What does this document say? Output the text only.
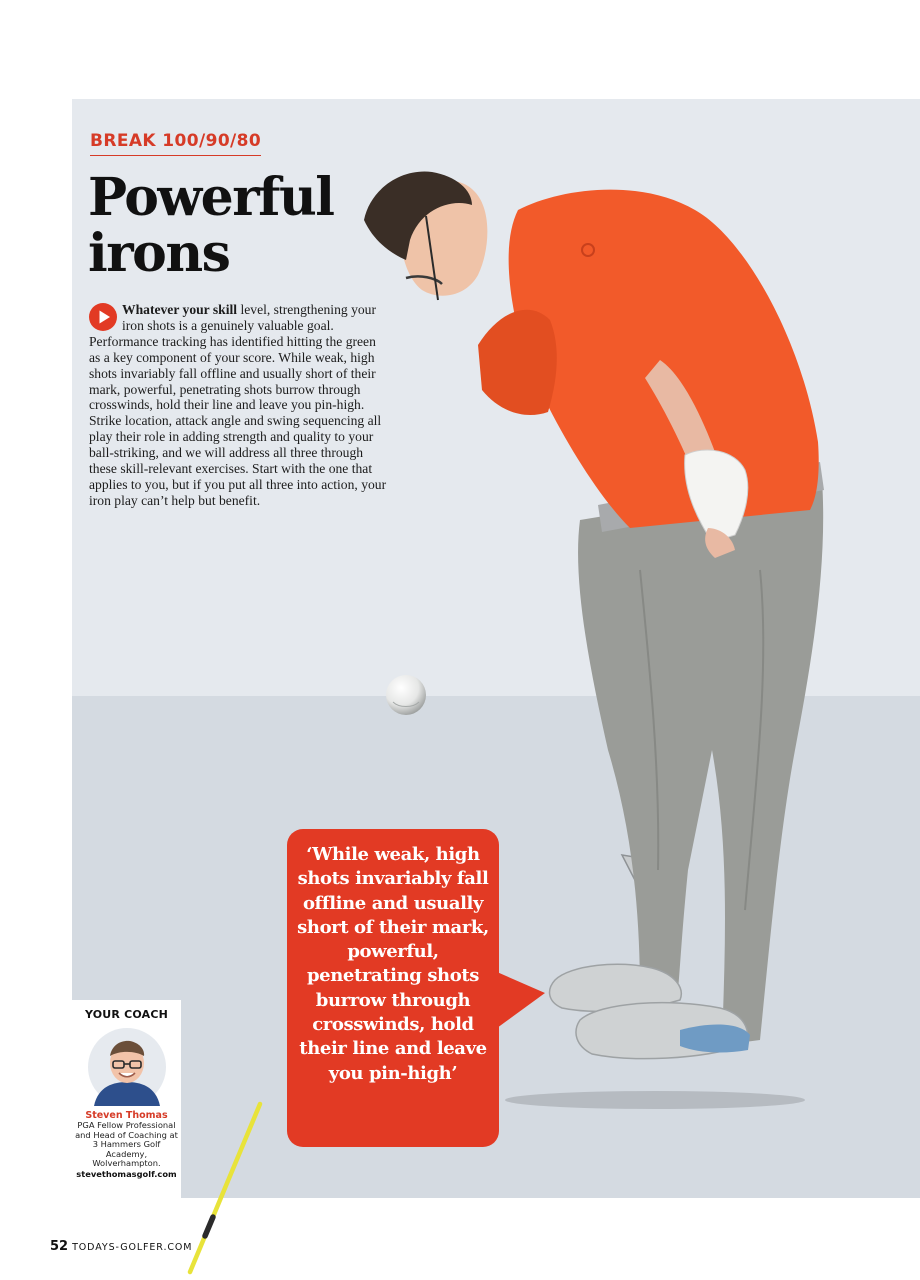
BREAK 100/90/80
Powerful
irons
Whatever your skill level, strengthening your iron shots is a genuinely valuable goal. Performance tracking has identified hitting the green as a key component of your score. While weak, high shots invariably fall offline and usually short of their mark, powerful, penetrating shots burrow through crosswinds, hold their line and leave you pin-high. Strike location, attack angle and swing sequencing all play their role in adding strength and quality to your ball-striking, and we will address all three through these skill-relevant exercises. Start with the one that applies to you, but if you put all three into action, your iron play can’t help but benefit.
‘While weak, high shots invariably fall offline and usually short of their mark, powerful, penetrating shots burrow through crosswinds, hold their line and leave you pin-high’
YOUR COACH
Steven Thomas
PGA Fellow Professional and Head of Coaching at 3 Hammers Golf Academy, Wolverhampton.
stevethomasgolf.com
52 TODAYS-GOLFER.COM
